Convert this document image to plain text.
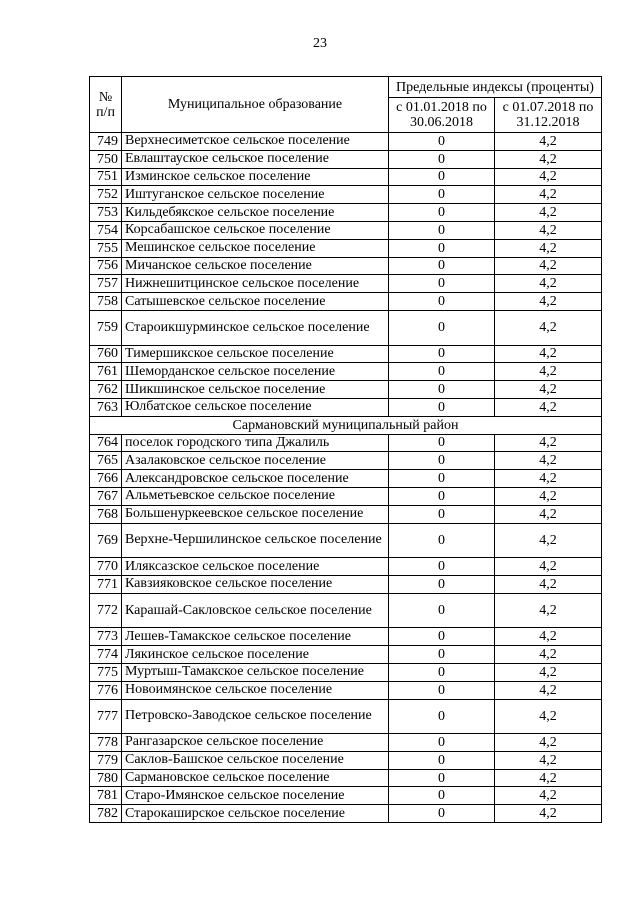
23
№ п/п	Муниципальное образование	Предельные индексы (проценты)	
		с 01.01.2018 по 30.06.2018	с 01.07.2018 по 31.12.2018
749	Верхнесиметское сельское поселение	0	4,2
750	Евлаштауское сельское поселение	0	4,2
751	Изминское сельское поселение	0	4,2
752	Иштуганское сельское поселение	0	4,2
753	Кильдебякское сельское поселение	0	4,2
754	Корсабашское сельское поселение	0	4,2
755	Мешинское сельское поселение	0	4,2
756	Мичанское сельское поселение	0	4,2
757	Нижнешитцинское сельское поселение	0	4,2
758	Сатышевское сельское поселение	0	4,2
759	Староикшурминское сельское поселение	0	4,2
760	Тимершикское сельское поселение	0	4,2
761	Шеморданское сельское поселение	0	4,2
762	Шикшинское сельское поселение	0	4,2
763	Юлбатское сельское поселение	0	4,2
Сармановский муниципальный район			
764	поселок городского типа Джалиль	0	4,2
765	Азалаковское сельское поселение	0	4,2
766	Александровское сельское поселение	0	4,2
767	Альметьевское сельское поселение	0	4,2
768	Большенуркеевское сельское поселение	0	4,2
769	Верхне-Чершилинское сельское поселение	0	4,2
770	Иляксазское сельское поселение	0	4,2
771	Кавзияковское сельское поселение	0	4,2
772	Карашай-Сакловское сельское поселение	0	4,2
773	Лешев-Тамакское сельское поселение	0	4,2
774	Лякинское сельское поселение	0	4,2
775	Муртыш-Тамакское сельское поселение	0	4,2
776	Новоимянское сельское поселение	0	4,2
777	Петровско-Заводское сельское поселение	0	4,2
778	Рангазарское сельское поселение	0	4,2
779	Саклов-Башское сельское поселение	0	4,2
780	Сармановское сельское поселение	0	4,2
781	Старо-Имянское сельское поселение	0	4,2
782	Старокаширское сельское поселение	0	4,2
